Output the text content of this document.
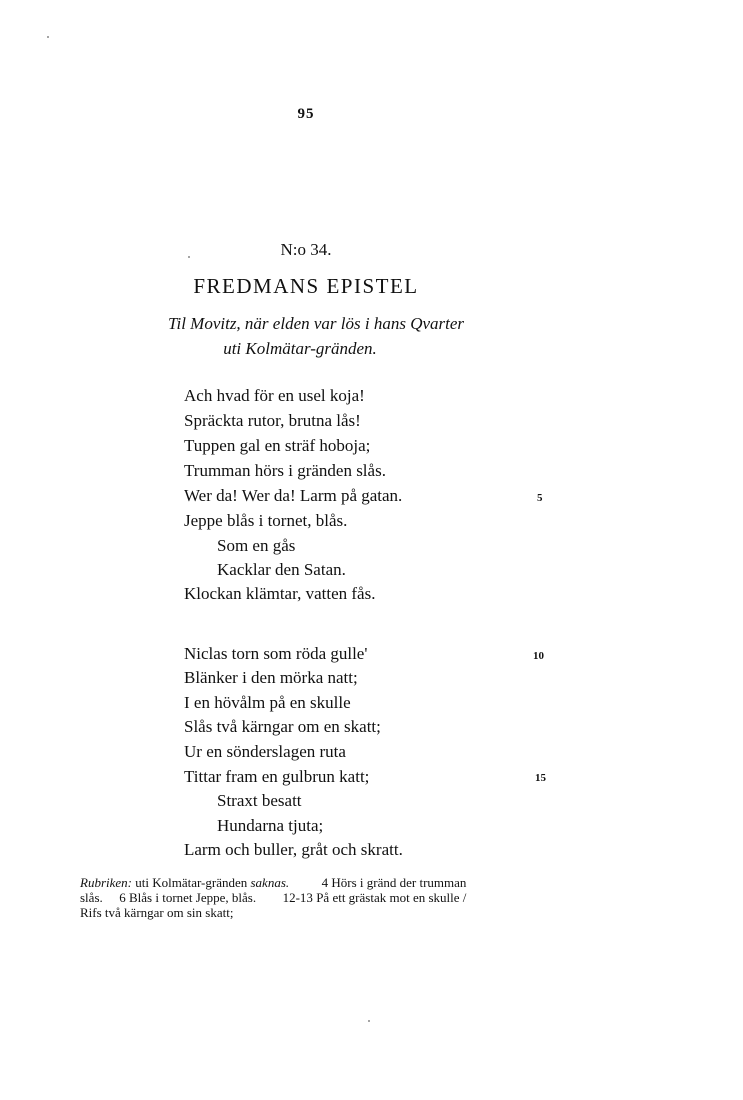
95
N:o 34.
FREDMANS EPISTEL
Til Movitz, när elden var lös i hans Qvarter
uti Kolmätar-gränden.
Ach hvad för en usel koja!
Spräckta rutor, brutna lås!
Tuppen gal en sträf hoboja;
Trumman hörs i gränden slås.
Wer da! Wer da! Larm på gatan.
Jeppe blås i tornet, blås.
Som en gås
Kacklar den Satan.
Klockan klämtar, vatten fås.
Niclas torn som röda gulle'
Blänker i den mörka natt;
I en hövålm på en skulle
Slås två kärngar om en skatt;
Ur en sönderslagen ruta
Tittar fram en gulbrun katt;
Straxt besatt
Hundarna tjuta;
Larm och buller, gråt och skratt.
5
10
15
Rubriken: uti Kolmätar-gränden saknas.	4 Hörs i gränd der trumman
slås. 6 Blås i tornet Jeppe, blås. 12-13 På ett grästak mot en skulle /
Rifs två kärngar om sin skatt;
